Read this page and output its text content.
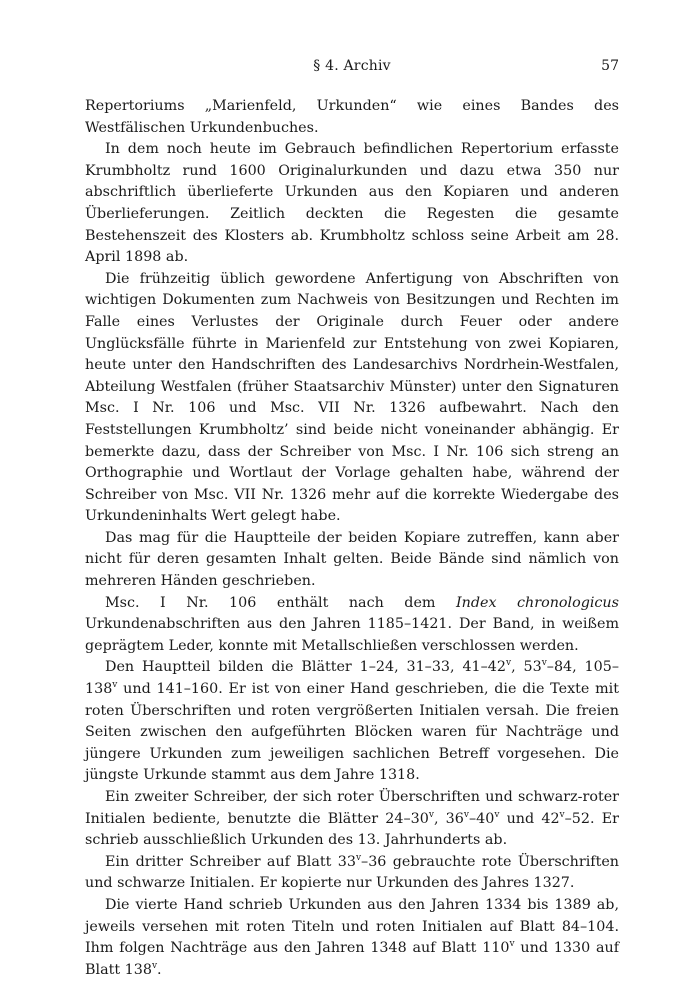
§ 4. Archiv	57

Repertoriums „Marienfeld, Urkunden“ wie eines Bandes des Westfälischen Urkundenbuches.

In dem noch heute im Gebrauch befindlichen Repertorium erfasste Krumbholtz rund 1600 Originalurkunden und dazu etwa 350 nur abschriftlich überlieferte Urkunden aus den Kopiaren und anderen Überlieferungen. Zeitlich deckten die Regesten die gesamte Bestehenszeit des Klosters ab. Krumbholtz schloss seine Arbeit am 28. April 1898 ab.

Die frühzeitig üblich gewordene Anfertigung von Abschriften von wichtigen Dokumenten zum Nachweis von Besitzungen und Rechten im Falle eines Verlustes der Originale durch Feuer oder andere Unglücksfälle führte in Marienfeld zur Entstehung von zwei Kopiaren, heute unter den Handschriften des Landesarchivs Nordrhein-Westfalen, Abteilung Westfalen (früher Staatsarchiv Münster) unter den Signaturen Msc. I Nr. 106 und Msc. VII Nr. 1326 aufbewahrt. Nach den Feststellungen Krumbholtz’ sind beide nicht voneinander abhängig. Er bemerkte dazu, dass der Schreiber von Msc. I Nr. 106 sich streng an Orthographie und Wortlaut der Vorlage gehalten habe, während der Schreiber von Msc. VII Nr. 1326 mehr auf die korrekte Wiedergabe des Urkundeninhalts Wert gelegt habe.

Das mag für die Hauptteile der beiden Kopiare zutreffen, kann aber nicht für deren gesamten Inhalt gelten. Beide Bände sind nämlich von mehreren Händen geschrieben.

Msc. I Nr. 106 enthält nach dem Index chronologicus Urkundenabschriften aus den Jahren 1185–1421. Der Band, in weißem geprägtem Leder, konnte mit Metallschließen verschlossen werden.

Den Hauptteil bilden die Blätter 1–24, 31–33, 41–42$^v$, 53$^v$–84, 105–138$^v$ und 141–160. Er ist von einer Hand geschrieben, die die Texte mit roten Überschriften und roten vergrößerten Initialen versah. Die freien Seiten zwischen den aufgeführten Blöcken waren für Nachträge und jüngere Urkunden zum jeweiligen sachlichen Betreff vorgesehen. Die jüngste Urkunde stammt aus dem Jahre 1318.

Ein zweiter Schreiber, der sich roter Überschriften und schwarz-roter Initialen bediente, benutzte die Blätter 24–30$^v$, 36$^v$–40$^v$ und 42$^v$–52. Er schrieb ausschließlich Urkunden des 13. Jahrhunderts ab.

Ein dritter Schreiber auf Blatt 33$^v$–36 gebrauchte rote Überschriften und schwarze Initialen. Er kopierte nur Urkunden des Jahres 1327.

Die vierte Hand schrieb Urkunden aus den Jahren 1334 bis 1389 ab, jeweils versehen mit roten Titeln und roten Initialen auf Blatt 84–104. Ihm folgen Nachträge aus den Jahren 1348 auf Blatt 110$^v$ und 1330 auf Blatt 138$^v$.
